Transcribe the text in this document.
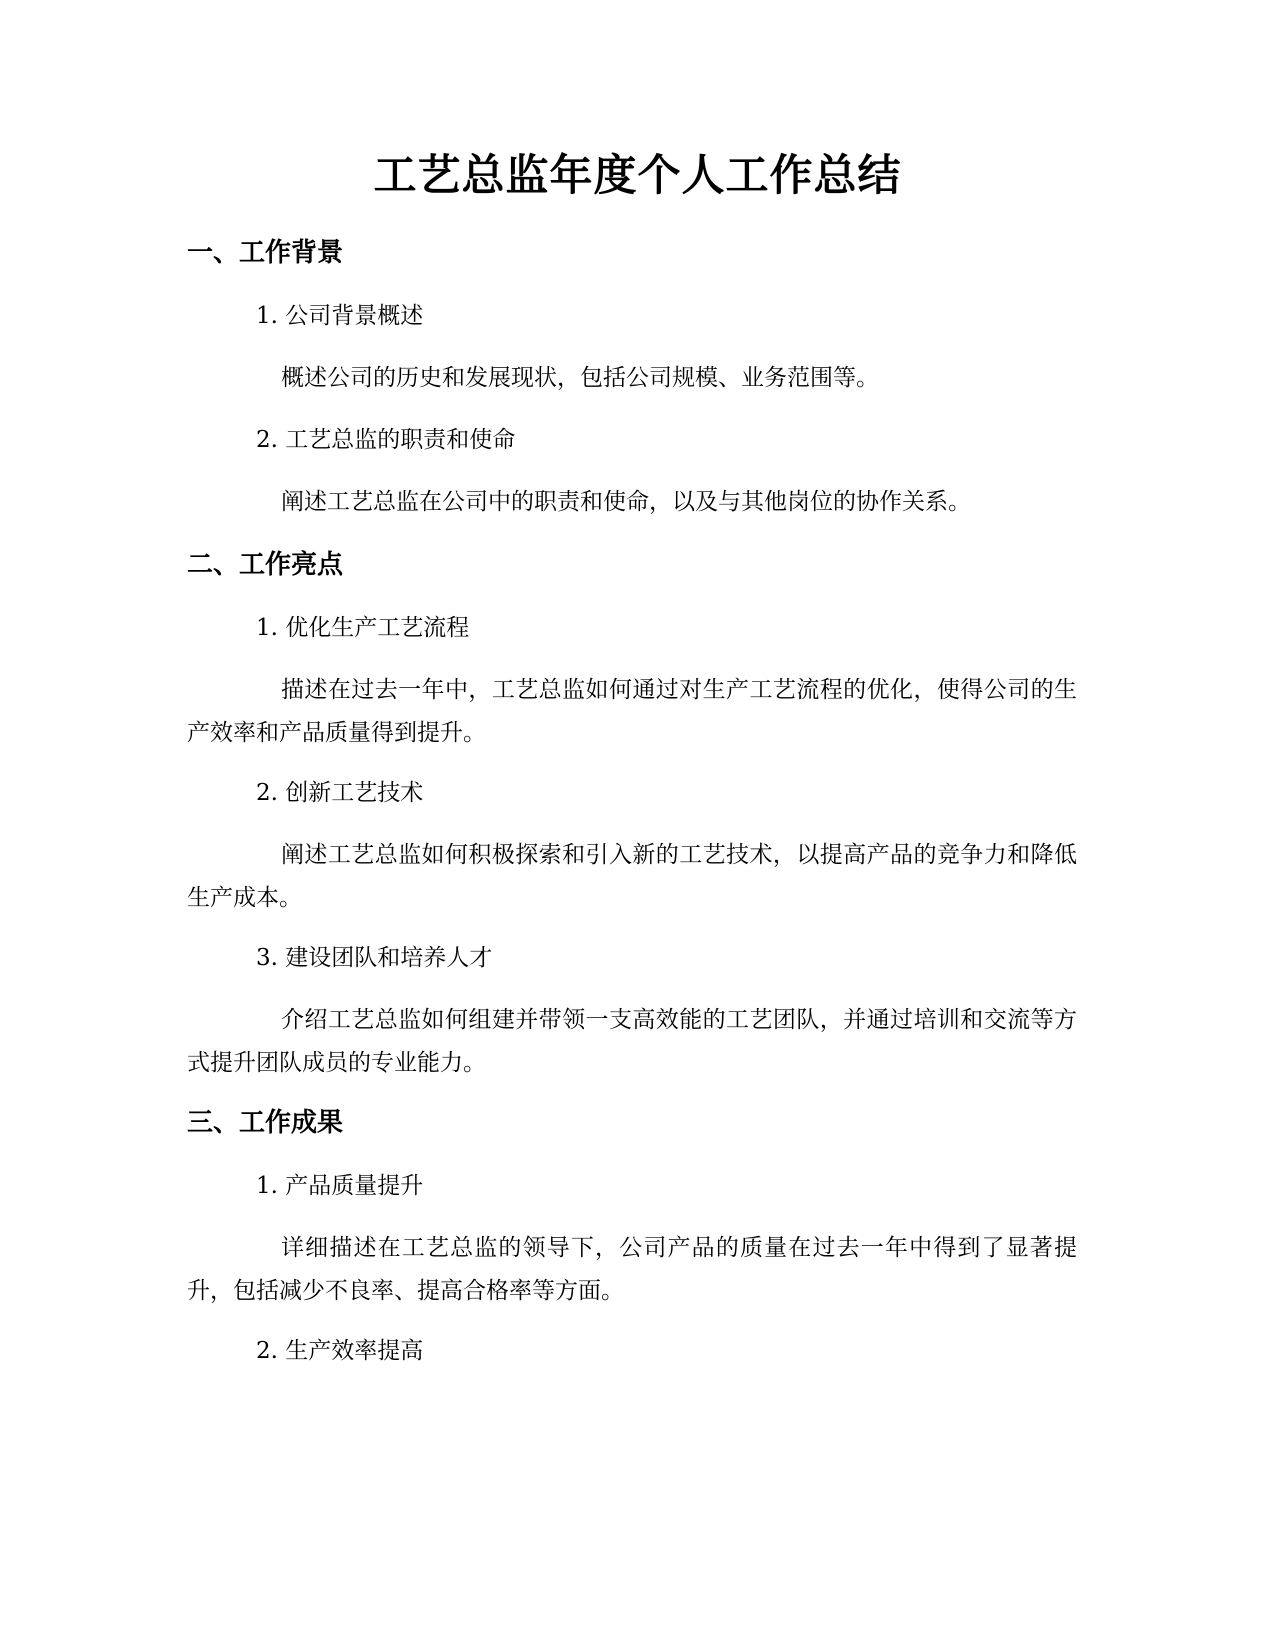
工艺总监年度个人工作总结
一、工作背景
1. 公司背景概述

概述公司的历史和发展现状，包括公司规模、业务范围等。

2. 工艺总监的职责和使命

阐述工艺总监在公司中的职责和使命，以及与其他岗位的协作关系。

二、工作亮点
1. 优化生产工艺流程

描述在过去一年中，工艺总监如何通过对生产工艺流程的优化，使得公司的生产效率和产品质量得到提升。

2. 创新工艺技术

阐述工艺总监如何积极探索和引入新的工艺技术，以提高产品的竞争力和降低生产成本。

3. 建设团队和培养人才

介绍工艺总监如何组建并带领一支高效能的工艺团队，并通过培训和交流等方式提升团队成员的专业能力。

三、工作成果
1. 产品质量提升

详细描述在工艺总监的领导下，公司产品的质量在过去一年中得到了显著提升，包括减少不良率、提高合格率等方面。

2. 生产效率提高
